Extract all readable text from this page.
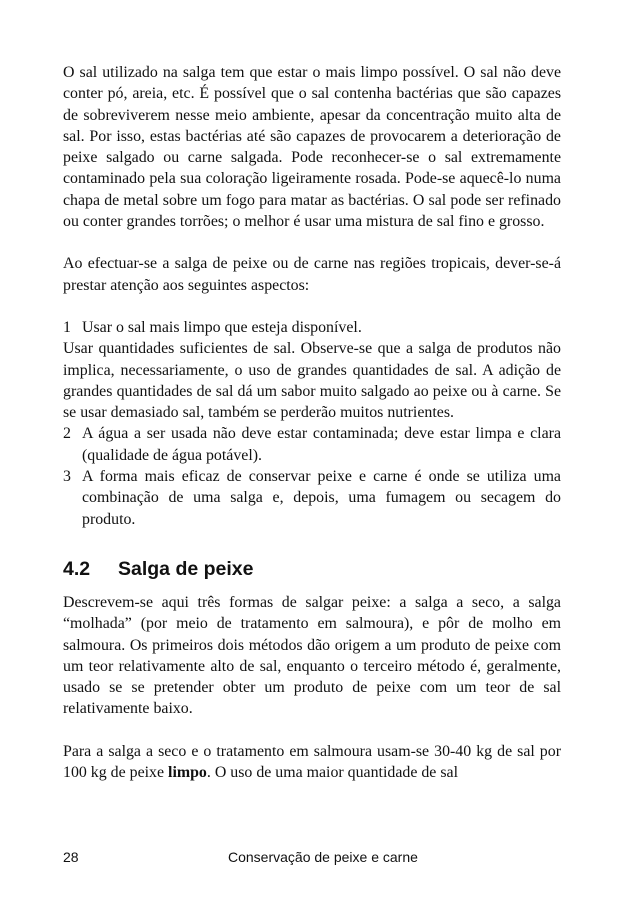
O sal utilizado na salga tem que estar o mais limpo possível. O sal não deve conter pó, areia, etc. É possível que o sal contenha bactérias que são capazes de sobreviverem nesse meio ambiente, apesar da concentração muito alta de sal. Por isso, estas bactérias até são capazes de provocarem a deterioração de peixe salgado ou carne salgada. Pode reconhecer-se o sal extremamente contaminado pela sua coloração ligeiramente rosada. Pode-se aquecê-lo numa chapa de metal sobre um fogo para matar as bactérias. O sal pode ser refinado ou conter grandes torrões; o melhor é usar uma mistura de sal fino e grosso.

Ao efectuar-se a salga de peixe ou de carne nas regiões tropicais, dever-se-á prestar atenção aos seguintes aspectos:

1 Usar o sal mais limpo que esteja disponível.

Usar quantidades suficientes de sal. Observe-se que a salga de produtos não implica, necessariamente, o uso de grandes quantidades de sal. A adição de grandes quantidades de sal dá um sabor muito salgado ao peixe ou à carne. Se se usar demasiado sal, também se perderão muitos nutrientes.

2 A água a ser usada não deve estar contaminada; deve estar limpa e clara (qualidade de água potável).
3 A forma mais eficaz de conservar peixe e carne é onde se utiliza uma combinação de uma salga e, depois, uma fumagem ou secagem do produto.
4.2	Salga de peixe

Descrevem-se aqui três formas de salgar peixe: a salga a seco, a salga “molhada” (por meio de tratamento em salmoura), e pôr de molho em salmoura. Os primeiros dois métodos dão origem a um produto de peixe com um teor relativamente alto de sal, enquanto o terceiro método é, geralmente, usado se se pretender obter um produto de peixe com um teor de sal relativamente baixo.

Para a salga a seco e o tratamento em salmoura usam-se 30-40 kg de sal por 100 kg de peixe limpo. O uso de uma maior quantidade de sal

28	Conservação de peixe e carne
